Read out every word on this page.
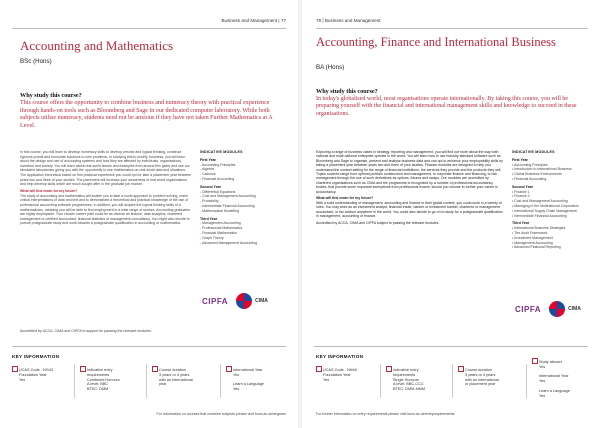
Business and Management | 77
Accounting and Mathematics
BSc (Hons)
Why study this course?
This course offers the opportunity to combine business and numeracy theory with practical experience through hands-on tools such as Bloomberg and Sage in our dedicated computer laboratory. While both subjects utilise numeracy, students need not be anxious if they have not taken Further Mathematics at A Level.

In this course, you will learn to develop numeracy skills to develop precise and logical thinking, construct rigorous proofs and formulate solutions to new problems. In studying this to modify, business, you will learn about the design and use of accounting systems and how they are affected by individuals, organisations, investors and society. You will learn about real-world issues and examples from around this globe and use our simulated laboratories giving you with the opportunity to use mathematics on real world data and situations. The application theoretical based on this practical experience you could opt for take a placement year between years two and three of your studies. The placement will increase your awareness of real world organisations and help develop skills which are much sought after in the graduate job market.

What will this mean for my future?

The study of accounting and mathematics will enable you to take a novel approach to problem solving, make critical interpretations of data and text and to demonstrate a theoretical and practical knowledge of the use of professional accounting software programmes. In addition, you will acquire the logical thinking skills of a mathematician, meaning you will be able to find employment in a wide range of sectors. Accounting graduates are highly employable. Your chosen career path could be as diverse as finance, data analytics, chartered management or certified accountant, financial statistics or management consultancy. You might also decide to pursue postgraduate study and work towards a postgraduate qualification in accounting or mathematics.

Accredited by ACCA, CIMA and CIPFA to support its passing the relevant modules.
INDICATIVE MODULES
First Year
- Accounting Principles
- Algebra
- Calculus
- Financial Accounting
Second Year
- Differential Equations
- Cost and Management Accounting
- Probability
- Intermediate Financial Accounting
- Mathematical Modelling
Third Year
- Management Accounting
- Professional Mathematics
- Financial Mathematics
- Graph Theory
- Advanced Management Accounting
CIPFA	CIMA
KEY INFORMATION
UCAS Code - NG43
Foundation Year
Yes
Indicative entry
requirements
Combined Honours
A level: BBC
BTEC: DMM
Course duration
3 years or 4 years
with an international
year
International Year
Yes

Learn a Language
Yes
For information on courses that combine subjects please visit bucs.ac.uk/degrees
78 | Business and Management
Accounting, Finance and International Business
BA (Hons)
Why study this course?
In today's globalised world, most organisations operate internationally. By taking this course, you will be preparing yourself with the financial and international management skills and knowledge to succeed in these organisations.

Exploring a range of business cases in strategy, reporting and management, you will find out more about the way both national and multi-national enterprise operate in the world. You will learn how to use industry standard software such as Bloomberg and Sage to organise, present and analyse business data and can opt to enhance your employability skills by taking a placement year between years two and three of your studies. Finance modules are designed to help you understand the context setting for the range of financial institutions, the services they provide and the products they sell. Topics covered range from optimal portfolio construction and management, to corporate finance and financing, to risk management through the use of such derivatives as options, futures and swaps. Our modules are accredited by chartered organisations such as CIMA and the programme is recognised by a number of professional accountancy bodies, that provide some important exemptions from professional exams, should you choose to further your career in accountancy.

What will this mean for my future?

With a solid understanding of management, accounting and finance in their global context, you could work in a variety of roles. You may work as an investment analyst, financial trader, banker or investment banker, chartered or management accountant, or tax advisor anywhere in the world. You could also decide to go on to study for a postgraduate qualification in management, accounting or finance.

Accredited by ACCA, CIMA and CIPFA subject to passing the relevant modules.

INDICATIVE MODULES
First Year
• Accounting Principles
• Introduction to International Business
• Global Business Environments
• Financial Accounting
Second Year
• Finance 1
• Finance 2
• Cost and Management Accounting
• Managing in the Multinational Corporation
• International Supply Chain Management
• Intermediate Financial Accounting
Third Year
• International Business Strategies
• The Audit Framework
• Investment Management
• Management Accounting
• Advanced Financial Reporting
CIPFA	CIMA
KEY INFORMATION
UCAS Code - NN46
Foundation Year
Yes
Indicative entry
requirements
Single Honours
A level: BBC-CCC
BTEC: DMM-MMM
Course duration
3 years or 4 years
with an international
or placement year
Study abroad
Yes

International Year
Yes

Learn a Language
Yes
For further information on entry requirements please visit bucs.ac.uk/entryrequirements
